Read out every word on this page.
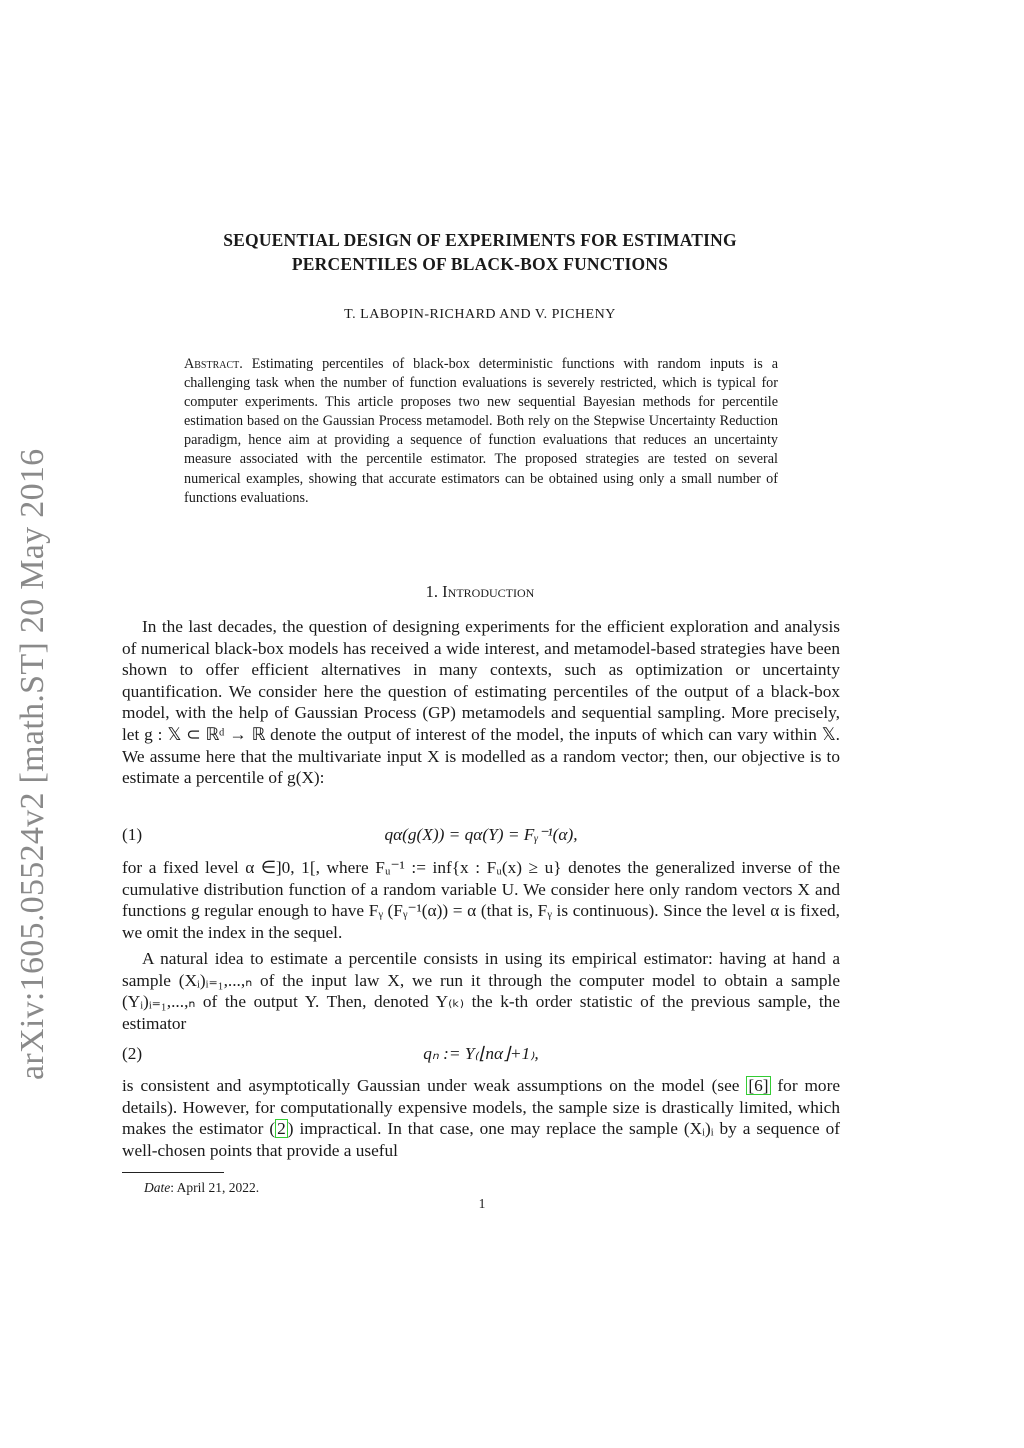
arXiv:1605.05524v2 [math.ST] 20 May 2016
SEQUENTIAL DESIGN OF EXPERIMENTS FOR ESTIMATING
PERCENTILES OF BLACK-BOX FUNCTIONS
T. LABOPIN-RICHARD AND V. PICHENY
Abstract. Estimating percentiles of black-box deterministic functions with random inputs is a challenging task when the number of function evaluations is severely restricted, which is typical for computer experiments. This article proposes two new sequential Bayesian methods for percentile estimation based on the Gaussian Process metamodel. Both rely on the Stepwise Uncertainty Reduction paradigm, hence aim at providing a sequence of function evaluations that reduces an uncertainty measure associated with the percentile estimator. The proposed strategies are tested on several numerical examples, showing that accurate estimators can be obtained using only a small number of functions evaluations.
1. Introduction

In the last decades, the question of designing experiments for the efficient exploration and analysis of numerical black-box models has received a wide interest, and metamodel-based strategies have been shown to offer efficient alternatives in many contexts, such as optimization or uncertainty quantification. We consider here the question of estimating percentiles of the output of a black-box model, with the help of Gaussian Process (GP) metamodels and sequential sampling. More precisely, let g : 𝕏 ⊂ ℝᵈ → ℝ denote the output of interest of the model, the inputs of which can vary within 𝕏. We assume here that the multivariate input X is modelled as a random vector; then, our objective is to estimate a percentile of g(X):

(1)	qα(g(X)) = qα(Y) = Fᵧ⁻¹(α),

for a fixed level α ∈]0, 1[, where Fᵤ⁻¹ := inf{x : Fᵤ(x) ≥ u} denotes the generalized inverse of the cumulative distribution function of a random variable U. We consider here only random vectors X and functions g regular enough to have Fᵧ (Fᵧ⁻¹(α)) = α (that is, Fᵧ is continuous). Since the level α is fixed, we omit the index in the sequel.

A natural idea to estimate a percentile consists in using its empirical estimator: having at hand a sample (Xᵢ)ᵢ₌₁,...,ₙ of the input law X, we run it through the computer model to obtain a sample (Yᵢ)ᵢ₌₁,...,ₙ of the output Y. Then, denoted Y₍ₖ₎ the k-th order statistic of the previous sample, the estimator

(2)	qₙ := Y₍⌊nα⌋+1₎,

is consistent and asymptotically Gaussian under weak assumptions on the model (see [6] for more details). However, for computationally expensive models, the sample size is drastically limited, which makes the estimator ( 2 ) impractical. In that case, one may replace the sample (Xᵢ)ᵢ by a sequence of well-chosen points that provide a useful

Date: April 21, 2022.
1
